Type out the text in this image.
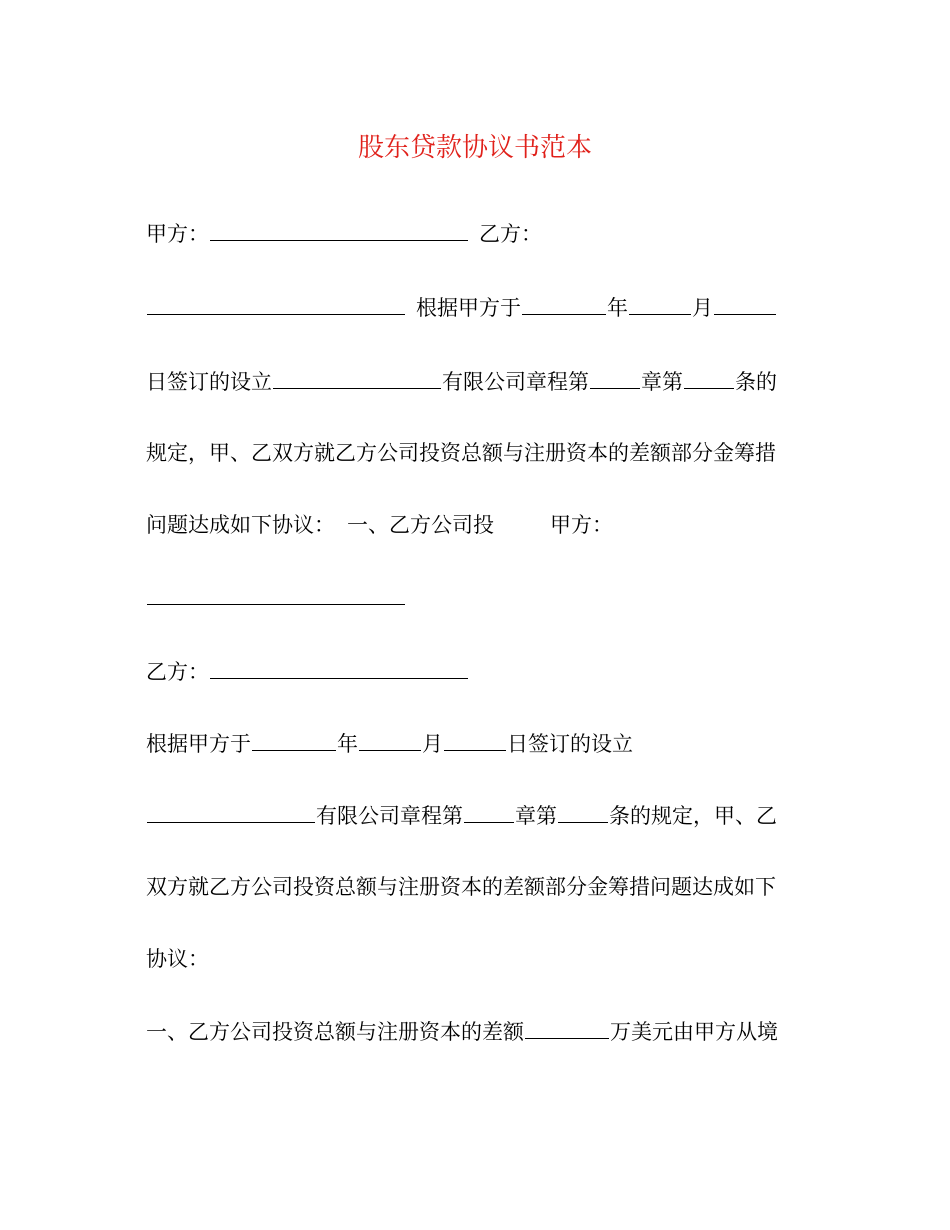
股东贷款协议书范本
甲方：	乙方：
根据甲方于	年	月
日签订的设立	有限公司章程第 章第 条的
规定，甲、乙双方就乙方公司投资总额与注册资本的差额部分金筹措
问题达成如下协议： 一、乙方公司投	甲方：
乙方：
根据甲方于	年	月	日签订的设立
有限公司章程第 章第 条的规定，甲、乙
双方就乙方公司投资总额与注册资本的差额部分金筹措问题达成如下
协议：
一、乙方公司投资总额与注册资本的差额	万美元由甲方从境
